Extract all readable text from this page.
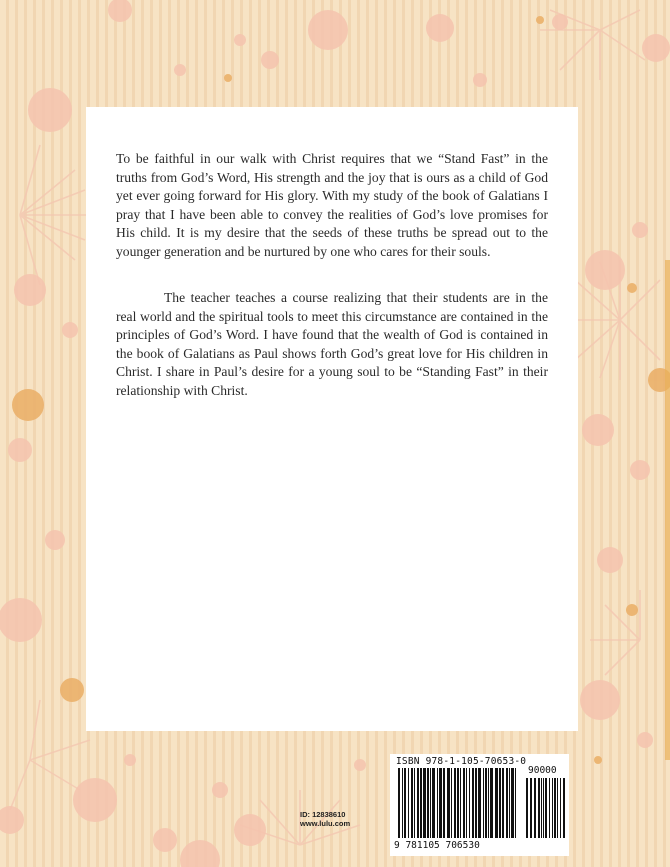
To be faithful in our walk with Christ requires that we “Stand Fast” in the truths from God’s Word, His strength and the joy that is ours as a child of God yet ever going forward for His glory. With my study of the book of Galatians I pray that I have been able to convey the realities of God’s love promises for His child. It is my desire that the seeds of these truths be spread out to the younger generation and be nurtured by one who cares for their souls.

The teacher teaches a course realizing that their students are in the real world and the spiritual tools to meet this circumstance are contained in the principles of God’s Word. I have found that the wealth of God is contained in the book of Galatians as Paul shows forth God’s great love for His children in Christ. I share in Paul’s desire for a young soul to be “Standing Fast” in their relationship with Christ.

ID: 12838610
www.lulu.com
ISBN 978-1-105-70653-0
90000
9 781105 706530
